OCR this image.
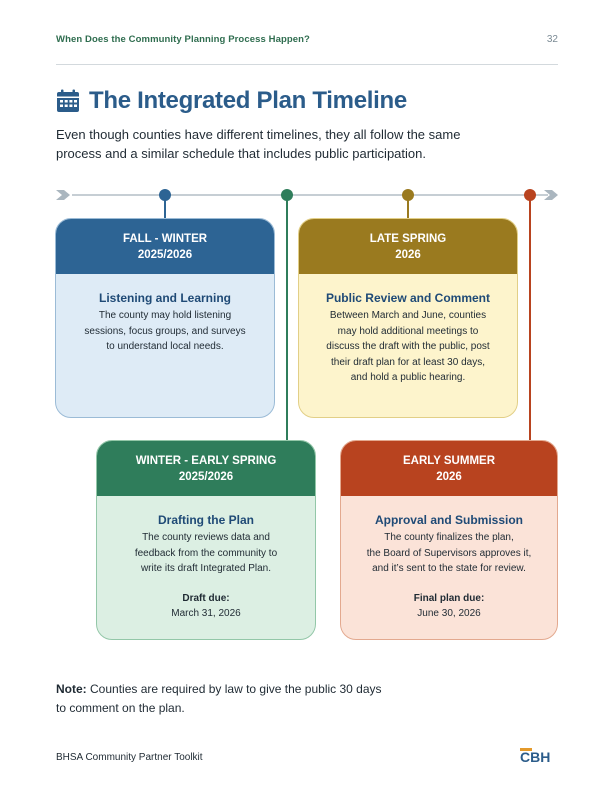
When Does the Community Planning Process Happen?	32
The Integrated Plan Timeline
Even though counties have different timelines, they all follow the same process and a similar schedule that includes public participation.
FALL - WINTER
2025/2026
Listening and Learning
The county may hold listening
sessions, focus groups, and surveys
to understand local needs.
LATE SPRING
2026
Public Review and Comment
Between March and June, counties
may hold additional meetings to
discuss the draft with the public, post
their draft plan for at least 30 days,
and hold a public hearing.
WINTER - EARLY SPRING
2025/2026
Drafting the Plan
The county reviews data and
feedback from the community to
write its draft Integrated Plan.
Draft due:
March 31, 2026
EARLY SUMMER
2026
Approval and Submission
The county finalizes the plan,
the Board of Supervisors approves it,
and it’s sent to the state for review.
Final plan due:
June 30, 2026
Note: Counties are required by law to give the public 30 days to comment on the plan.
BHSA Community Partner Toolkit	CBH
